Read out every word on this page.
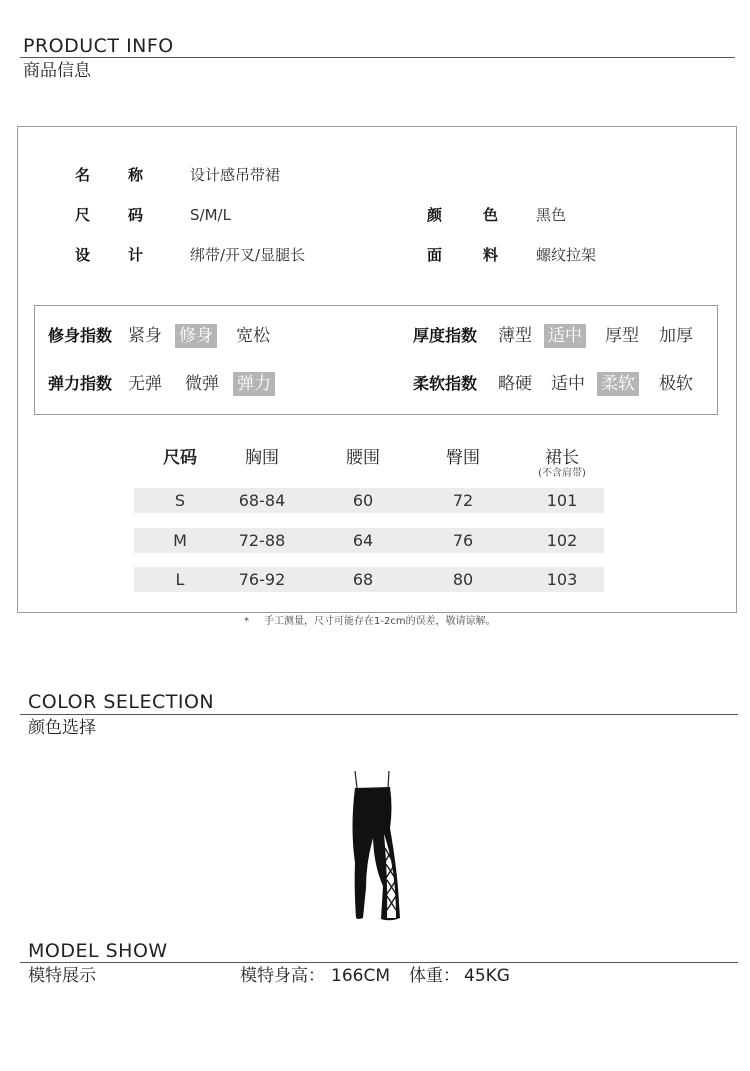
PRODUCT INFO
商品信息
名	称	设计感吊带裙
尺	码	S/M/L	颜	色	黑色
设	计	绑带/开叉/显腿长	面	料	螺纹拉架
修身指数 紧身 修身 宽松	厚度指数 薄型 适中 厚型 加厚
弹力指数 无弹 微弹 弹力	柔软指数 略硬 适中 柔软 极软
尺码	胸围	腰围	臀围	裙长
(不含肩带)
S	68-84	60	72	101
M	72-88	64	76	102
L	76-92	68	80	103
* 手工测量，尺寸可能存在1-2cm的误差，敬请谅解。
COLOR SELECTION
颜色选择
MODEL SHOW
模特展示	模特身高： 166CM 体重： 45KG
